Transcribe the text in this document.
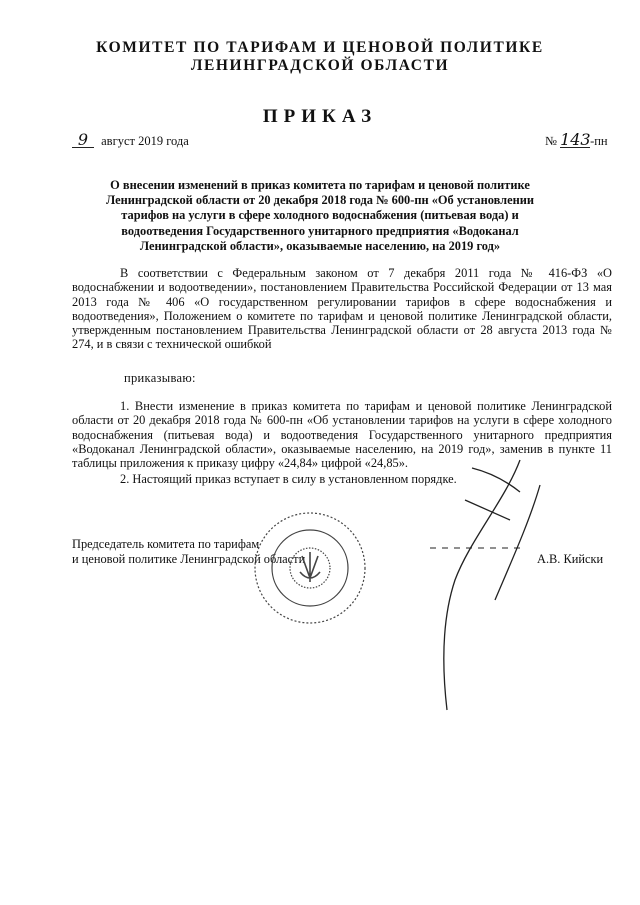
КОМИТЕТ ПО ТАРИФАМ И ЦЕНОВОЙ ПОЛИТИКЕ
ЛЕНИНГРАДСКОЙ ОБЛАСТИ
ПРИКАЗ
9 август 2019 года	№ 143-пн
О внесении изменений в приказ комитета по тарифам и ценовой политике Ленинградской области от 20 декабря 2018 года № 600-пн «Об установлении тарифов на услуги в сфере холодного водоснабжения (питьевая вода) и водоотведения Государственного унитарного предприятия «Водоканал Ленинградской области», оказываемые населению, на 2019 год»
В соответствии с Федеральным законом от 7 декабря 2011 года № 416-ФЗ «О водоснабжении и водоотведении», постановлением Правительства Российской Федерации от 13 мая 2013 года № 406 «О государственном регулировании тарифов в сфере водоснабжения и водоотведения», Положением о комитете по тарифам и ценовой политике Ленинградской области, утвержденным постановлением Правительства Ленинградской области от 28 августа 2013 года № 274, и в связи с технической ошибкой
приказываю:
1. Внести изменение в приказ комитета по тарифам и ценовой политике Ленинградской области от 20 декабря 2018 года № 600-пн «Об установлении тарифов на услуги в сфере холодного водоснабжения (питьевая вода) и водоотведения Государственного унитарного предприятия «Водоканал Ленинградской области», оказываемые населению, на 2019 год», заменив в пункте 11 таблицы приложения к приказу цифру «24,84» цифрой «24,85».
2. Настоящий приказ вступает в силу в установленном порядке.
Председатель комитета по тарифам
и ценовой политике Ленинградской области	А.В. Кийски
